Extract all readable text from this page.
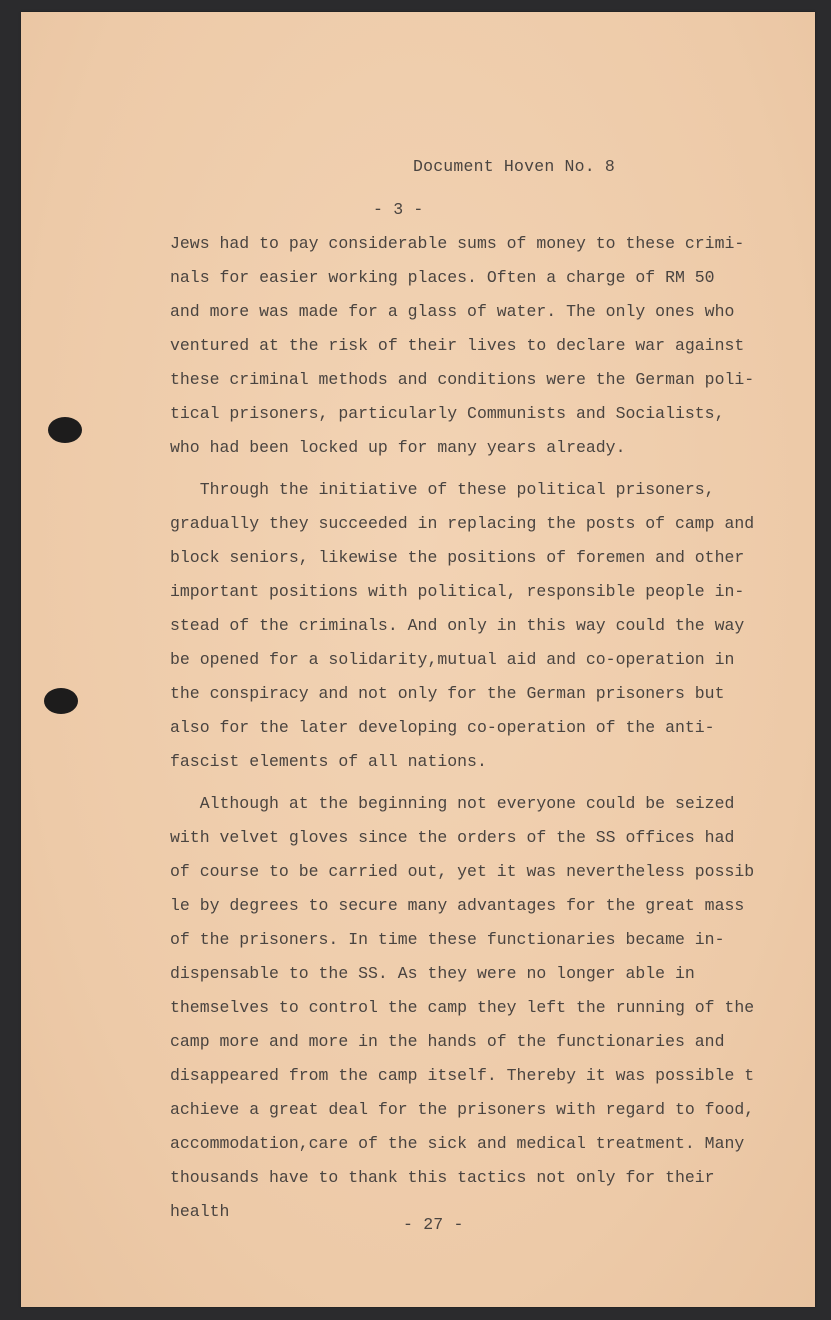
Document Hoven No. 8
- 3 -
Jews had to pay considerable sums of money to these crimi-
nals for easier working places. Often a charge of RM 50
and more was made for a glass of water. The only ones who
ventured at the risk of their lives to declare war against
these criminal methods and conditions were the German poli-
tical prisoners, particularly Communists and Socialists,
who had been locked up for many years already.
Through the initiative of these political prisoners,
gradually they succeeded in replacing the posts of camp and
block seniors, likewise the positions of foremen and other
important positions with political, responsible people in-
stead of the criminals. And only in this way could the way
be opened for a solidarity,mutual aid and co-operation in
the conspiracy and not only for the German prisoners but
also for the later developing co-operation of the anti-
fascist elements of all nations.
Although at the beginning not everyone could be seized
with velvet gloves since the orders of the SS offices had
of course to be carried out, yet it was nevertheless possib
le by degrees to secure many advantages for the great mass
of the prisoners. In time these functionaries became in-
dispensable to the SS. As they were no longer able in
themselves to control the camp they left the running of the
camp more and more in the hands of the functionaries and
disappeared from the camp itself. Thereby it was possible t
achieve a great deal for the prisoners with regard to food,
accommodation,care of the sick and medical treatment. Many
thousands have to thank this tactics not only for their
health
- 27 -
